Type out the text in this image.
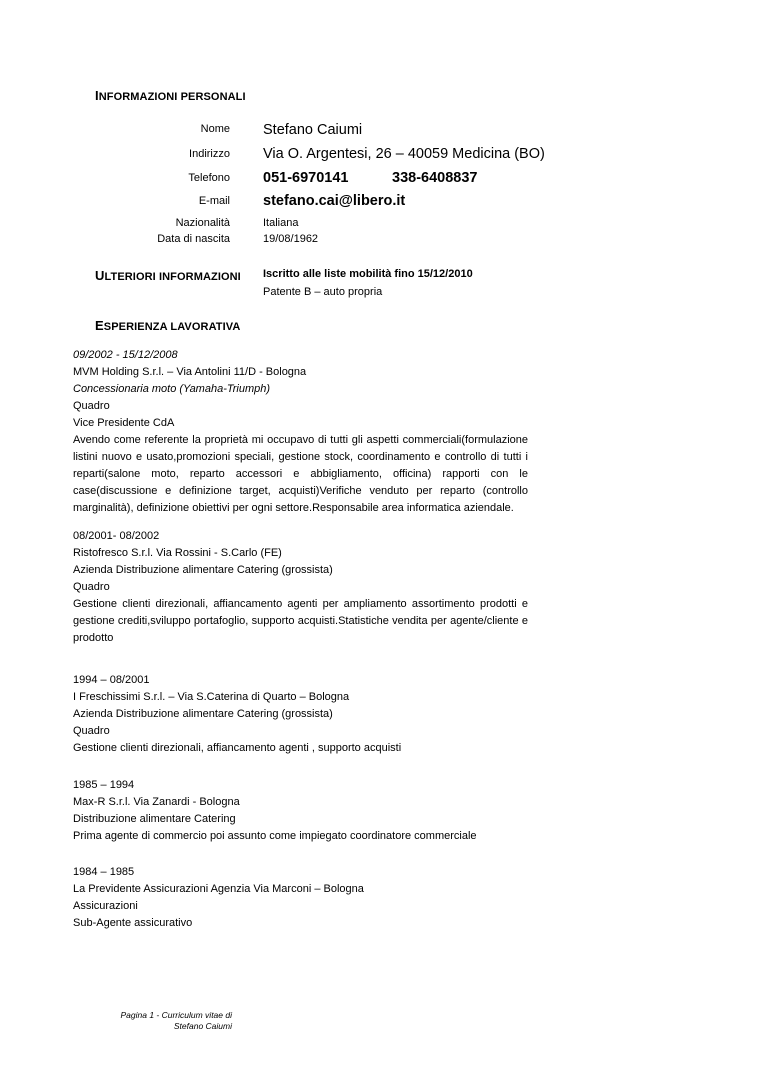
INFORMAZIONI PERSONALI
Nome
Indirizzo
Telefono
E-mail
Nazionalità
Data di nascita
Stefano Caiumi
Via O. Argentesi, 26 – 40059 Medicina (BO)
051-6970141	338-6408837
stefano.cai@libero.it
Italiana
19/08/1962
ULTERIORI INFORMAZIONI Iscritto alle liste mobilità fino 15/12/2010
Patente B – auto propria
ESPERIENZA LAVORATIVA
09/2002 - 15/12/2008
MVM Holding S.r.l. – Via Antolini 11/D - Bologna
Concessionaria moto (Yamaha-Triumph)
Quadro
Vice Presidente CdA
Avendo come referente la proprietà mi occupavo di tutti gli aspetti commerciali(formulazione listini nuovo e usato,promozioni speciali, gestione stock, coordinamento e controllo di tutti i reparti(salone moto, reparto accessori e abbigliamento, officina) rapporti con le case(discussione e definizione target, acquisti)Verifiche venduto per reparto (controllo marginalità), definizione obiettivi per ogni settore.Responsabile area informatica aziendale.
08/2001- 08/2002
Ristofresco S.r.l. Via Rossini - S.Carlo (FE)
Azienda Distribuzione alimentare Catering (grossista)
Quadro
Gestione clienti direzionali, affiancamento agenti per ampliamento assortimento prodotti e gestione crediti,sviluppo portafoglio, supporto acquisti.Statistiche vendita per agente/cliente e prodotto
1994 – 08/2001
I Freschissimi S.r.l. – Via S.Caterina di Quarto – Bologna
Azienda Distribuzione alimentare Catering (grossista)
Quadro
Gestione clienti direzionali, affiancamento agenti , supporto acquisti
1985 – 1994
Max-R S.r.l. Via Zanardi - Bologna
Distribuzione alimentare Catering
Prima agente di commercio poi assunto come impiegato coordinatore commerciale
1984 – 1985
La Previdente Assicurazioni Agenzia Via Marconi – Bologna
Assicurazioni
Sub-Agente assicurativo
Pagina 1 - Curriculum vitae di
Stefano Caiumi
